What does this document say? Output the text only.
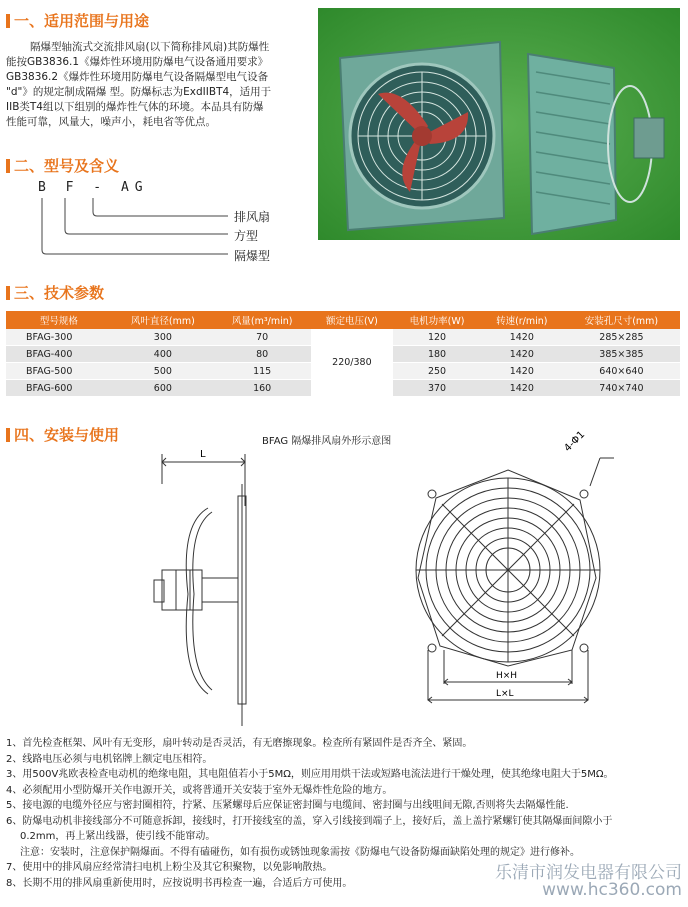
一、适用范围与用途
隔爆型轴流式交流排风扇(以下简称排风扇)其防爆性
能按GB3836.1《爆炸性环境用防爆电气设备通用要求》
GB3836.2《爆炸性环境用防爆电气设备隔爆型电气设备
"d"》的规定制成隔爆 型。防爆标志为ExdIIBT4，适用于
IIB类T4组以下组别的爆炸性气体的环境。本品具有防爆
性能可靠，风量大，噪声小，耗电省等优点。
二、型号及含义
B F - AG
排风扇
方型
隔爆型
三、技术参数
型号规格	风叶直径(mm)	风量(m³/min)	额定电压(V)	电机功率(W)	转速(r/min)	安装孔尺寸(mm)
BFAG-300	300	70	220/380	120	1420	285×285
BFAG-400	400	80		180	1420	385×385
BFAG-500	500	115		250	1420	640×640
BFAG-600	600	160		370	1420	740×740
四、安装与使用	BFAG 隔爆排风扇外形示意图
L
4-Φ1
H×H
L×L
1、首先检查框架、风叶有无变形，扇叶转动是否灵活，有无磨擦现象。检查所有紧固件是否齐全、紧固。
2、线路电压必须与电机铭牌上额定电压相符。
3、用500V兆欧表检查电动机的绝缘电阻，其电阻值若小于5MΩ，则应用用烘干法或短路电流法进行干燥处理，使其绝缘电阻大于5MΩ。
4、必须配用小型防爆开关作电源开关，或将普通开关安装于室外无爆炸性危险的地方。
5、接电源的电缆外径应与密封圈相符，拧紧、压紧螺母后应保证密封圈与电缆间、密封圈与出线咀间无隙,否则将失去隔爆性能.
6、防爆电动机非接线部分不可随意拆卸，接线时，打开接线室的盖，穿入引线接到端子上，接好后，盖上盖拧紧螺钉使其隔爆面间隙小于
0.2mm，再上紧出线器，使引线不能窜动。
注意：安装时，注意保护隔爆面。不得有磕碰伤，如有损伤或锈蚀现象需按《防爆电气设备防爆面缺陷处理的规定》进行修补。
7、使用中的排风扇应经常清扫电机上粉尘及其它积聚物，以免影响散热。
8、长期不用的排风扇重新使用时，应按说明书再检查一遍，合适后方可使用。	乐清市润发电器有限公司
www.hc360.com
